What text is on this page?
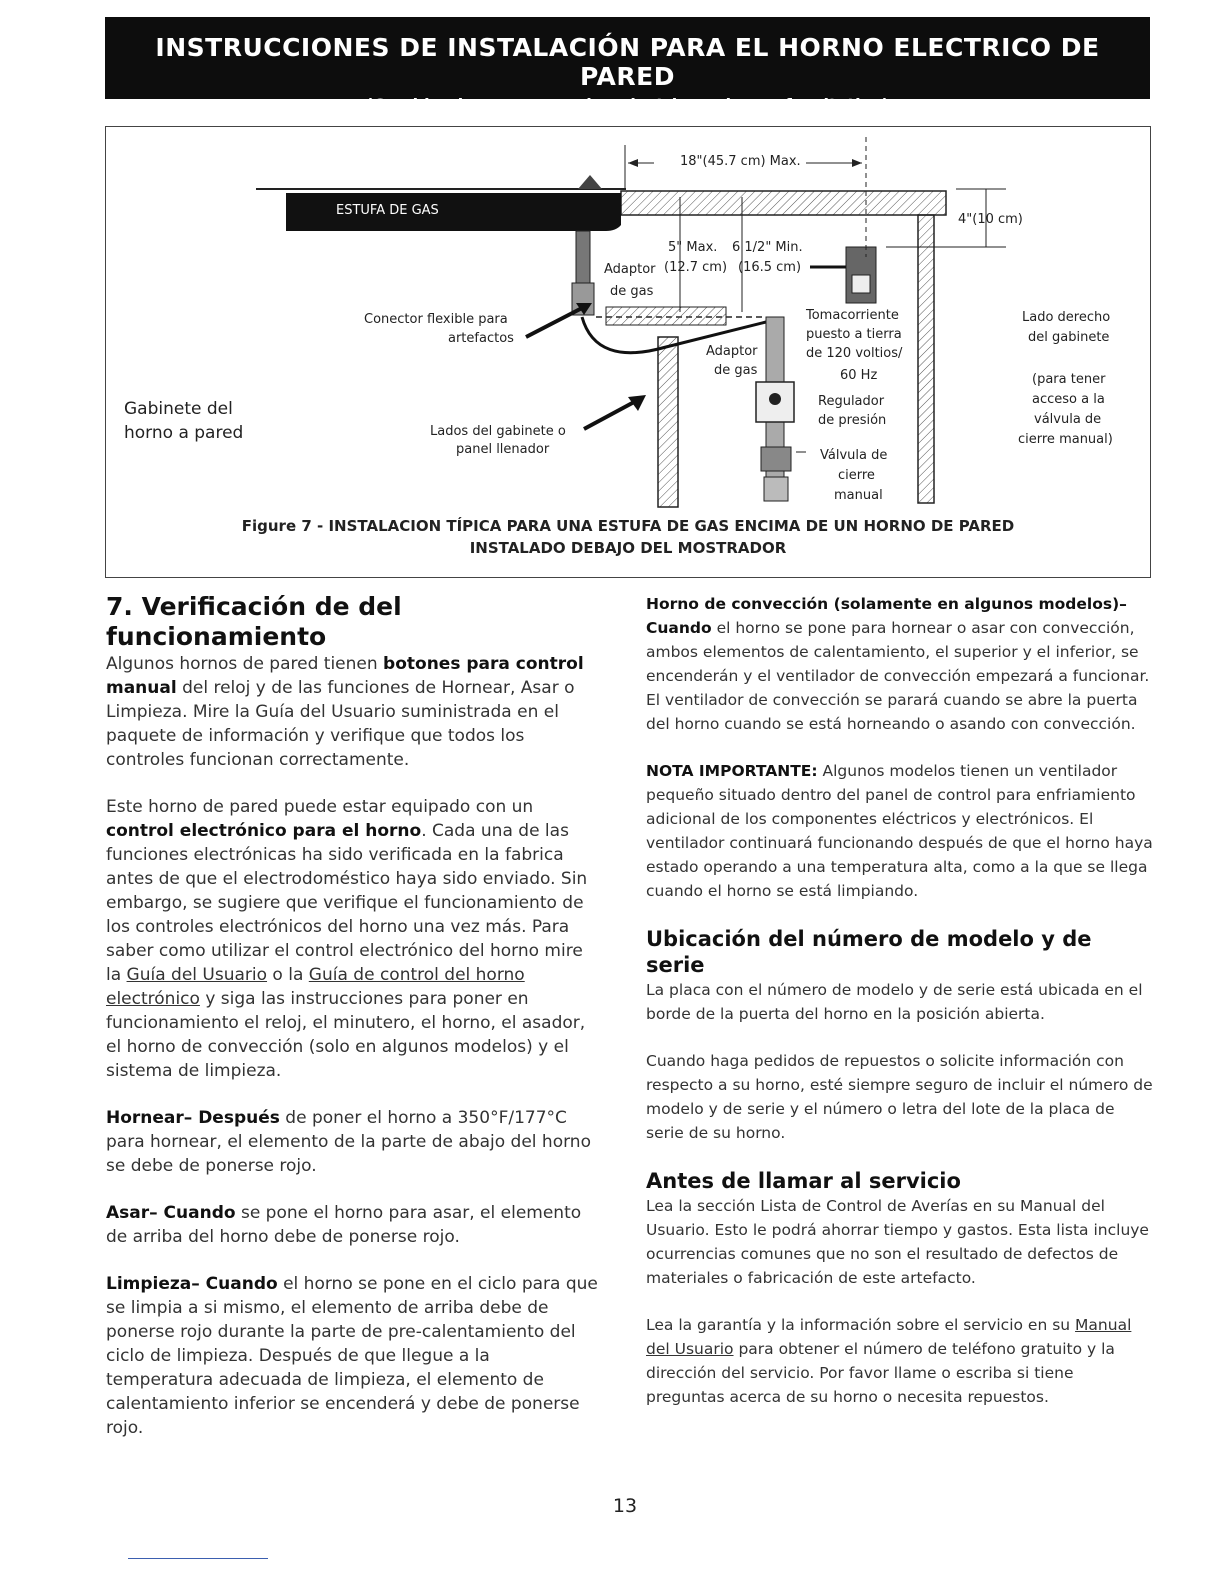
INSTRUCCIONES DE INSTALACIÓN PARA EL HORNO ELECTRICO DE PARED
(Combinado con una cocina electrica o de gas facultativa)
18"(45.7 cm) Max.
ESTUFA DE GAS
4"(10 cm)
5" Max. 6 1/2" Min.
Adaptor (12.7 cm) (16.5 cm)
de gas
Conector flexible para
artefactos
Adaptor
de gas
Tomacorriente
puesto a tierra
de 120 voltios/
60 Hz
Regulador
de presión
Válvula de
cierre
manual
Lados del gabinete o
panel llenador
Gabinete del
horno a pared
Lado derecho
del gabinete
(para tener
acceso a la
válvula de
cierre manual)
Figure 7 - INSTALACION TÍPICA PARA UNA ESTUFA DE GAS ENCIMA DE UN HORNO DE PARED
INSTALADO DEBAJO DEL MOSTRADOR
7. Verificación de del funcionamiento

Algunos hornos de pared tienen botones para control manual del reloj y de las funciones de Hornear, Asar o Limpieza. Mire la Guía del Usuario suministrada en el paquete de información y verifique que todos los controles funcionan correctamente.

Este horno de pared puede estar equipado con un control electrónico para el horno. Cada una de las funciones electrónicas ha sido verificada en la fabrica antes de que el electrodoméstico haya sido enviado. Sin embargo, se sugiere que verifique el funcionamiento de los controles electrónicos del horno una vez más. Para saber como utilizar el control electrónico del horno mire la Guía del Usuario o la Guía de control del horno electrónico y siga las instrucciones para poner en funcionamiento el reloj, el minutero, el horno, el asador, el horno de convección (solo en algunos modelos) y el sistema de limpieza.

Hornear– Después de poner el horno a 350°F/177°C para hornear, el elemento de la parte de abajo del horno se debe de ponerse rojo.

Asar– Cuando se pone el horno para asar, el elemento de arriba del horno debe de ponerse rojo.

Limpieza– Cuando el horno se pone en el ciclo para que se limpia a si mismo, el elemento de arriba debe de ponerse rojo durante la parte de pre-calentamiento del ciclo de limpieza. Después de que llegue a la temperatura adecuada de limpieza, el elemento de calentamiento inferior se encenderá y debe de ponerse rojo.

Horno de convección (solamente en algunos modelos)– Cuando el horno se pone para hornear o asar con convección, ambos elementos de calentamiento, el superior y el inferior, se encenderán y el ventilador de convección empezará a funcionar. El ventilador de convección se parará cuando se abre la puerta del horno cuando se está horneando o asando con convección.

NOTA IMPORTANTE: Algunos modelos tienen un ventilador pequeño situado dentro del panel de control para enfriamiento adicional de los componentes eléctricos y electrónicos. El ventilador continuará funcionando después de que el horno haya estado operando a una temperatura alta, como a la que se llega cuando el horno se está limpiando.

Ubicación del número de modelo y de serie

La placa con el número de modelo y de serie está ubicada en el borde de la puerta del horno en la posición abierta.

Cuando haga pedidos de repuestos o solicite información con respecto a su horno, esté siempre seguro de incluir el número de modelo y de serie y el número o letra del lote de la placa de serie de su horno.

Antes de llamar al servicio

Lea la sección Lista de Control de Averías en su Manual del Usuario. Esto le podrá ahorrar tiempo y gastos. Esta lista incluye ocurrencias comunes que no son el resultado de defectos de materiales o fabricación de este artefacto.

Lea la garantía y la información sobre el servicio en su Manual del Usuario para obtener el número de teléfono gratuito y la dirección del servicio. Por favor llame o escriba si tiene preguntas acerca de su horno o necesita repuestos.

13
